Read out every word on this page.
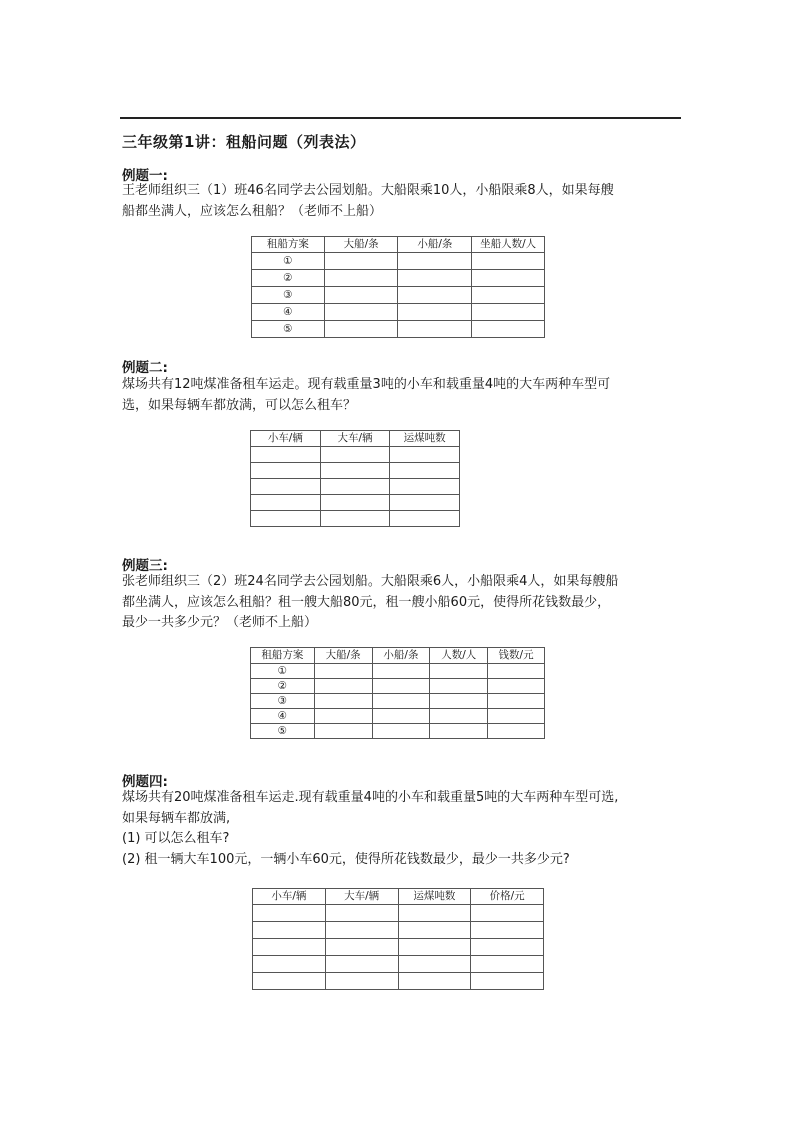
三年级第1讲：租船问题（列表法）
例题一:
王老师组织三（1）班46名同学去公园划船。大船限乘10人，小船限乘8人，如果每艘
船都坐满人，应该怎么租船？（老师不上船）
租船方案	大船/条	小船/条	坐船人数/人
①			
②			
③			
④			
⑤			
例题二:
煤场共有12吨煤准备租车运走。现有载重量3吨的小车和载重量4吨的大车两种车型可
选，如果每辆车都放满，可以怎么租车？
小车/辆	大车/辆	运煤吨数

例题三:
张老师组织三（2）班24名同学去公园划船。大船限乘6人，小船限乘4人，如果每艘船
都坐满人，应该怎么租船？租一艘大船80元，租一艘小船60元，使得所花钱数最少，
最少一共多少元？（老师不上船）
租船方案	大船/条	小船/条	人数/人	钱数/元
①				
②				
③				
④				
⑤				
例题四:
煤场共有20吨煤准备租车运走.现有载重量4吨的小车和载重量5吨的大车两种车型可选,
如果每辆车都放满,
(1) 可以怎么租车?
(2) 租一辆大车100元，一辆小车60元，使得所花钱数最少，最少一共多少元?
小车/辆	大车/辆	运煤吨数	价格/元
